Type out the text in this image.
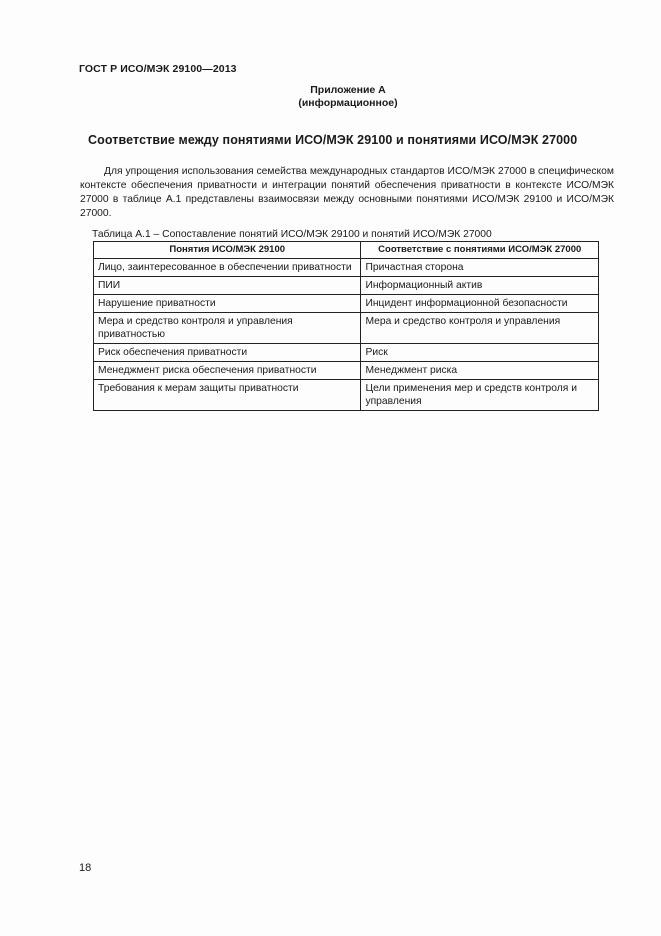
ГОСТ Р ИСО/МЭК 29100—2013
Приложение А
(информационное)
Соответствие между понятиями ИСО/МЭК 29100 и понятиями ИСО/МЭК 27000

Для упрощения использования семейства международных стандартов ИСО/МЭК 27000 в специфическом контексте обеспечения приватности и интеграции понятий обеспечения приватности в контексте ИСО/МЭК 27000 в таблице А.1 представлены взаимосвязи между основными понятиями ИСО/МЭК 29100 и ИСО/МЭК 27000.

Таблица А.1 – Сопоставление понятий ИСО/МЭК 29100 и понятий ИСО/МЭК 27000
Понятия ИСО/МЭК 29100	Соответствие с понятиями ИСО/МЭК 27000
Лицо, заинтересованное в обеспечении приватности	Причастная сторона
ПИИ	Информационный актив
Нарушение приватности	Инцидент информационной безопасности
Мера и средство контроля и управления приватностью	Мера и средство контроля и управления
Риск обеспечения приватности	Риск
Менеджмент риска обеспечения приватности	Менеджмент риска
Требования к мерам защиты приватности	Цели применения мер и средств контроля и управления
18
